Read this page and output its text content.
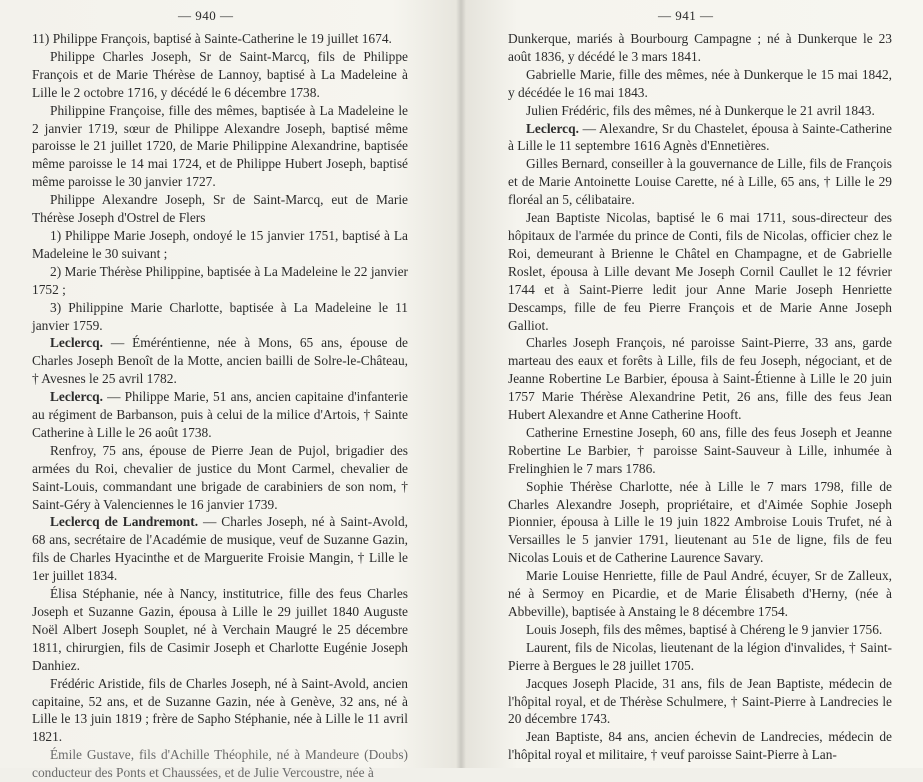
— 940 —

11) Philippe François, baptisé à Sainte-Catherine le 19 juillet 1674.

Philippe Charles Joseph, Sr de Saint-Marcq, fils de Philippe François et de Marie Thérèse de Lannoy, baptisé à La Madeleine à Lille le 2 octobre 1716, y décédé le 6 décembre 1738.

Philippine Françoise, fille des mêmes, baptisée à La Madeleine le 2 janvier 1719, sœur de Philippe Alexandre Joseph, baptisé même paroisse le 21 juillet 1720, de Marie Philippine Alexandrine, baptisée même paroisse le 14 mai 1724, et de Philippe Hubert Joseph, baptisé même paroisse le 30 janvier 1727.

Philippe Alexandre Joseph, Sr de Saint-Marcq, eut de Marie Thérèse Joseph d'Ostrel de Flers

1) Philippe Marie Joseph, ondoyé le 15 janvier 1751, baptisé à La Madeleine le 30 suivant ;

2) Marie Thérèse Philippine, baptisée à La Madeleine le 22 janvier 1752 ;

3) Philippine Marie Charlotte, baptisée à La Madeleine le 11 janvier 1759.

Leclercq. — Éméréntienne, née à Mons, 65 ans, épouse de Charles Joseph Benoît de la Motte, ancien bailli de Solre-le-Château, † Avesnes le 25 avril 1782.

Leclercq. — Philippe Marie, 51 ans, ancien capitaine d'infanterie au régiment de Barbanson, puis à celui de la milice d'Artois, † Sainte Catherine à Lille le 26 août 1738.

Renfroy, 75 ans, épouse de Pierre Jean de Pujol, brigadier des armées du Roi, chevalier de justice du Mont Carmel, chevalier de Saint-Louis, commandant une brigade de carabiniers de son nom, † Saint-Géry à Valenciennes le 16 janvier 1739.

Leclercq de Landremont. — Charles Joseph, né à Saint-Avold, 68 ans, secrétaire de l'Académie de musique, veuf de Suzanne Gazin, fils de Charles Hyacinthe et de Marguerite Froisie Mangin, † Lille le 1er juillet 1834.

Élisa Stéphanie, née à Nancy, institutrice, fille des feus Charles Joseph et Suzanne Gazin, épousa à Lille le 29 juillet 1840 Auguste Noël Albert Joseph Souplet, né à Verchain Maugré le 25 décembre 1811, chirurgien, fils de Casimir Joseph et Charlotte Eugénie Joseph Danhiez.

Frédéric Aristide, fils de Charles Joseph, né à Saint-Avold, ancien capitaine, 52 ans, et de Suzanne Gazin, née à Genève, 32 ans, né à Lille le 13 juin 1819 ; frère de Sapho Stéphanie, née à Lille le 11 avril 1821.

Émile Gustave, fils d'Achille Théophile, né à Mandeure (Doubs) conducteur des Ponts et Chaussées, et de Julie Vercoustre, née à

— 941 —

Dunkerque, mariés à Bourbourg Campagne ; né à Dunkerque le 23 août 1836, y décédé le 3 mars 1841.

Gabrielle Marie, fille des mêmes, née à Dunkerque le 15 mai 1842, y décédée le 16 mai 1843.

Julien Frédéric, fils des mêmes, né à Dunkerque le 21 avril 1843.

Leclercq. — Alexandre, Sr du Chastelet, épousa à Sainte-Catherine à Lille le 11 septembre 1616 Agnès d'Ennetières.

Gilles Bernard, conseiller à la gouvernance de Lille, fils de François et de Marie Antoinette Louise Carette, né à Lille, 65 ans, † Lille le 29 floréal an 5, célibataire.

Jean Baptiste Nicolas, baptisé le 6 mai 1711, sous-directeur des hôpitaux de l'armée du prince de Conti, fils de Nicolas, officier chez le Roi, demeurant à Brienne le Châtel en Champagne, et de Gabrielle Roslet, épousa à Lille devant Me Joseph Cornil Caullet le 12 février 1744 et à Saint-Pierre ledit jour Anne Marie Joseph Henriette Descamps, fille de feu Pierre François et de Marie Anne Joseph Galliot.

Charles Joseph François, né paroisse Saint-Pierre, 33 ans, garde marteau des eaux et forêts à Lille, fils de feu Joseph, négociant, et de Jeanne Robertine Le Barbier, épousa à Saint-Étienne à Lille le 20 juin 1757 Marie Thérèse Alexandrine Petit, 26 ans, fille des feus Jean Hubert Alexandre et Anne Catherine Hooft.

Catherine Ernestine Joseph, 60 ans, fille des feus Joseph et Jeanne Robertine Le Barbier, † paroisse Saint-Sauveur à Lille, inhumée à Frelinghien le 7 mars 1786.

Sophie Thérèse Charlotte, née à Lille le 7 mars 1798, fille de Charles Alexandre Joseph, propriétaire, et d'Aimée Sophie Joseph Pionnier, épousa à Lille le 19 juin 1822 Ambroise Louis Trufet, né à Versailles le 5 janvier 1791, lieutenant au 51e de ligne, fils de feu Nicolas Louis et de Catherine Laurence Savary.

Marie Louise Henriette, fille de Paul André, écuyer, Sr de Zalleux, né à Sermoy en Picardie, et de Marie Élisabeth d'Herny, (née à Abbeville), baptisée à Anstaing le 8 décembre 1754.

Louis Joseph, fils des mêmes, baptisé à Chéreng le 9 janvier 1756.

Laurent, fils de Nicolas, lieutenant de la légion d'invalides, † Saint-Pierre à Bergues le 28 juillet 1705.

Jacques Joseph Placide, 31 ans, fils de Jean Baptiste, médecin de l'hôpital royal, et de Thérèse Schulmere, † Saint-Pierre à Landrecies le 20 décembre 1743.

Jean Baptiste, 84 ans, ancien échevin de Landrecies, médecin de l'hôpital royal et militaire, † veuf paroisse Saint-Pierre à Lan-
